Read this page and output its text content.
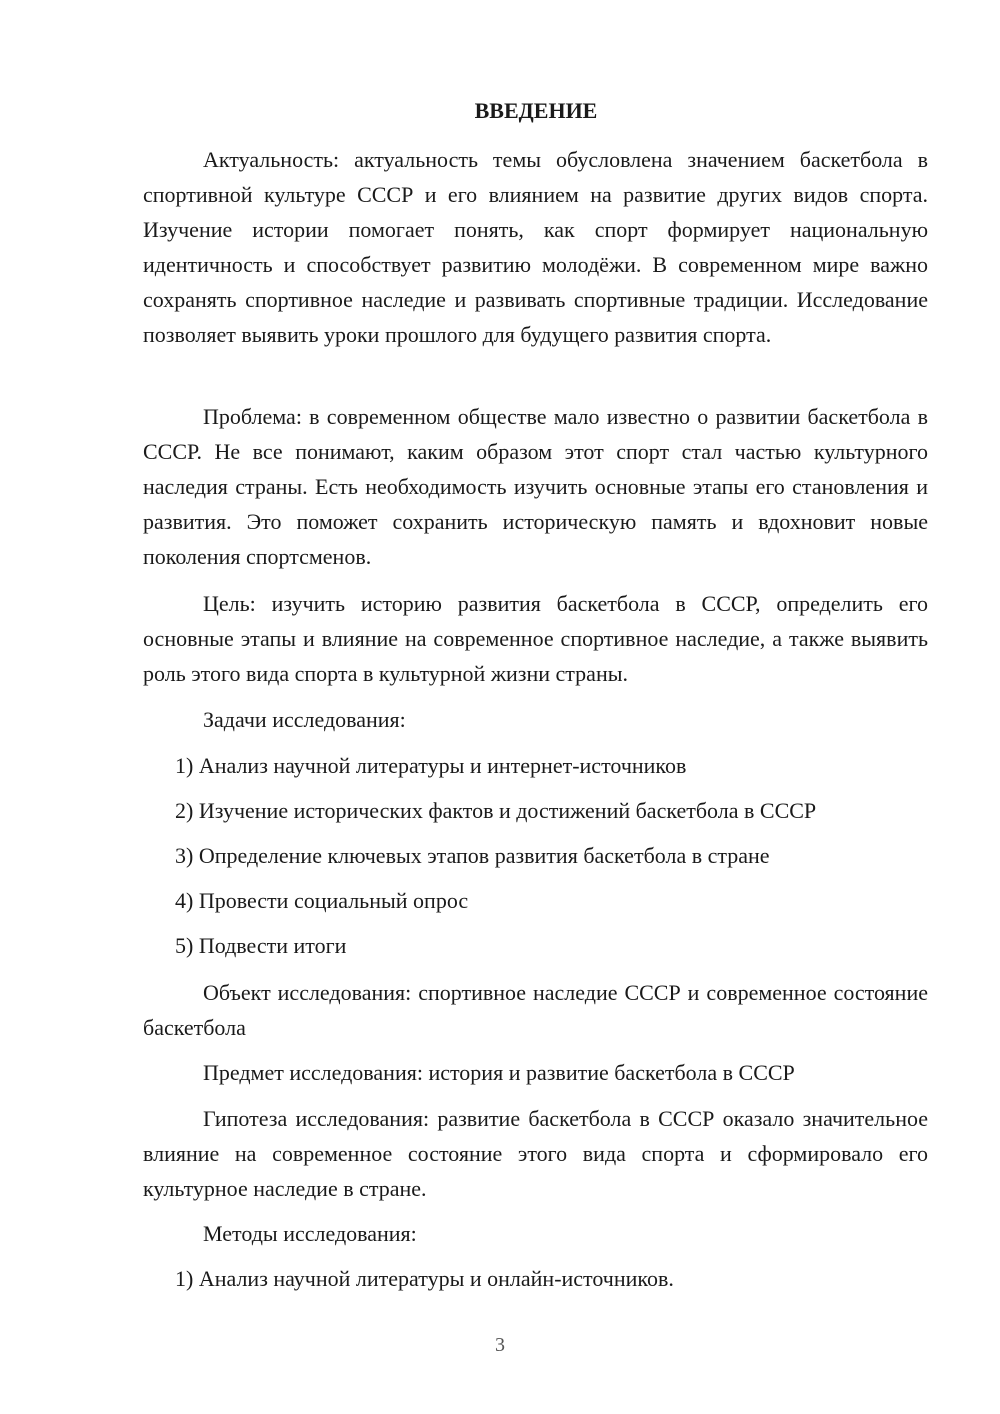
ВВЕДЕНИЕ

Актуальность: актуальность темы обусловлена значением баскетбола в спортивной культуре СССР и его влиянием на развитие других видов спорта. Изучение истории помогает понять, как спорт формирует национальную идентичность и способствует развитию молодёжи. В современном мире важно сохранять спортивное наследие и развивать спортивные традиции. Исследование позволяет выявить уроки прошлого для будущего развития спорта.

Проблема: в современном обществе мало известно о развитии баскетбола в СССР. Не все понимают, каким образом этот спорт стал частью культурного наследия страны. Есть необходимость изучить основные этапы его становления и развития. Это поможет сохранить историческую память и вдохновит новые поколения спортсменов.

Цель: изучить историю развития баскетбола в СССР, определить его основные этапы и влияние на современное спортивное наследие, а также выявить роль этого вида спорта в культурной жизни страны.

Задачи исследования:

1) Анализ научной литературы и интернет-источников

2) Изучение исторических фактов и достижений баскетбола в СССР

3) Определение ключевых этапов развития баскетбола в стране

4) Провести социальный опрос

5) Подвести итоги

Объект исследования: спортивное наследие СССР и современное состояние баскетбола

Предмет исследования: история и развитие баскетбола в СССР

Гипотеза исследования: развитие баскетбола в СССР оказало значительное влияние на современное состояние этого вида спорта и сформировало его культурное наследие в стране.

Методы исследования:

1) Анализ научной литературы и онлайн-источников.

3
